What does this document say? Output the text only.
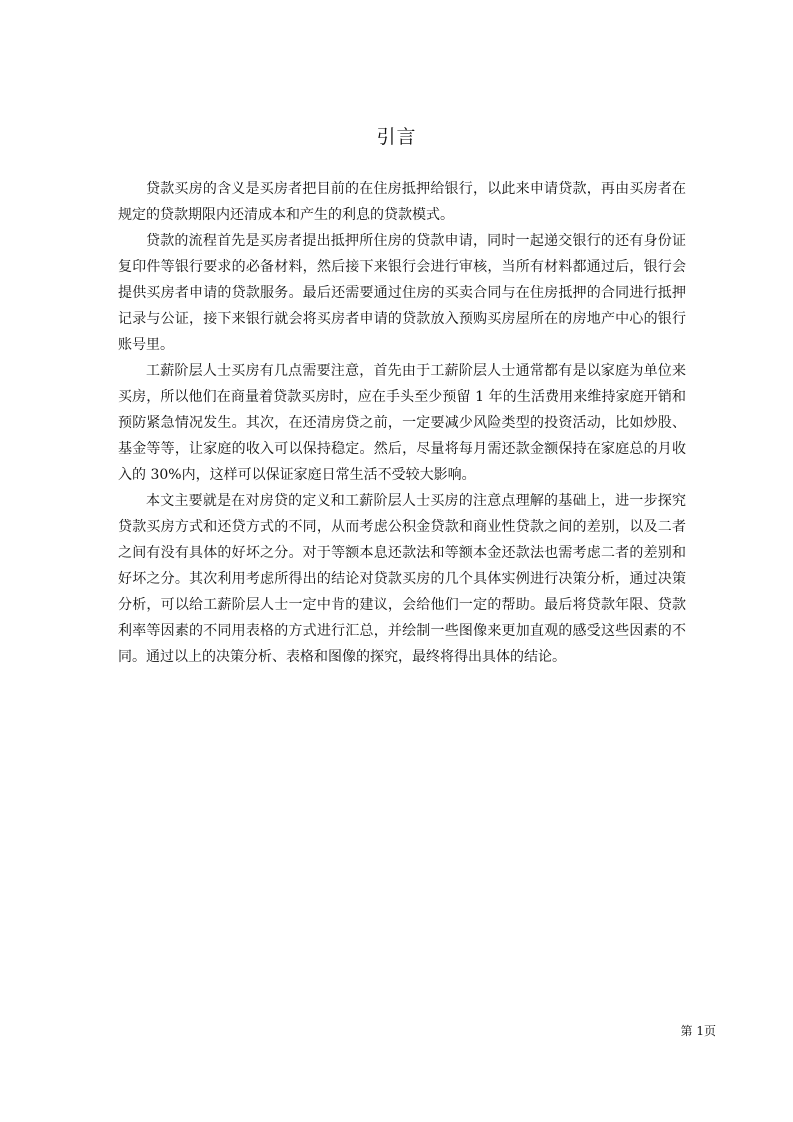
引言

贷款买房的含义是买房者把目前的在住房抵押给银行，以此来申请贷款，再由买房者在规定的贷款期限内还清成本和产生的利息的贷款模式。

贷款的流程首先是买房者提出抵押所住房的贷款申请，同时一起递交银行的还有身份证复印件等银行要求的必备材料，然后接下来银行会进行审核，当所有材料都通过后，银行会提供买房者申请的贷款服务。最后还需要通过住房的买卖合同与在住房抵押的合同进行抵押记录与公证，接下来银行就会将买房者申请的贷款放入预购买房屋所在的房地产中心的银行账号里。

工薪阶层人士买房有几点需要注意，首先由于工薪阶层人士通常都有是以家庭为单位来买房，所以他们在商量着贷款买房时，应在手头至少预留 1 年的生活费用来维持家庭开销和预防紧急情况发生。其次，在还清房贷之前，一定要减少风险类型的投资活动，比如炒股、基金等等，让家庭的收入可以保持稳定。然后，尽量将每月需还款金额保持在家庭总的月收入的 30%内，这样可以保证家庭日常生活不受较大影响。

本文主要就是在对房贷的定义和工薪阶层人士买房的注意点理解的基础上，进一步探究贷款买房方式和还贷方式的不同，从而考虑公积金贷款和商业性贷款之间的差别，以及二者之间有没有具体的好坏之分。对于等额本息还款法和等额本金还款法也需考虑二者的差别和好坏之分。其次利用考虑所得出的结论对贷款买房的几个具体实例进行决策分析，通过决策分析，可以给工薪阶层人士一定中肯的建议，会给他们一定的帮助。最后将贷款年限、贷款利率等因素的不同用表格的方式进行汇总，并绘制一些图像来更加直观的感受这些因素的不同。通过以上的决策分析、表格和图像的探究，最终将得出具体的结论。

第 1页
